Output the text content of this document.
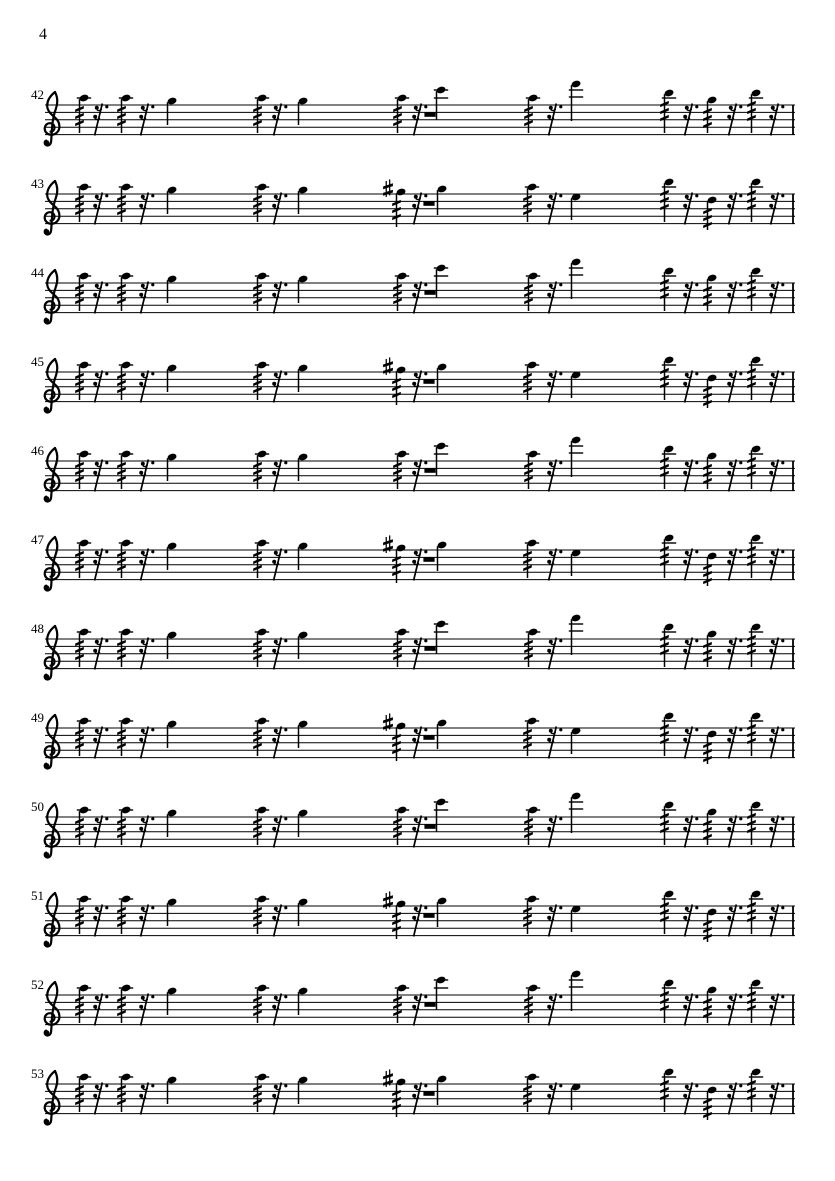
4
42
43
44
45
46
47
48
49
50
51
52
53
